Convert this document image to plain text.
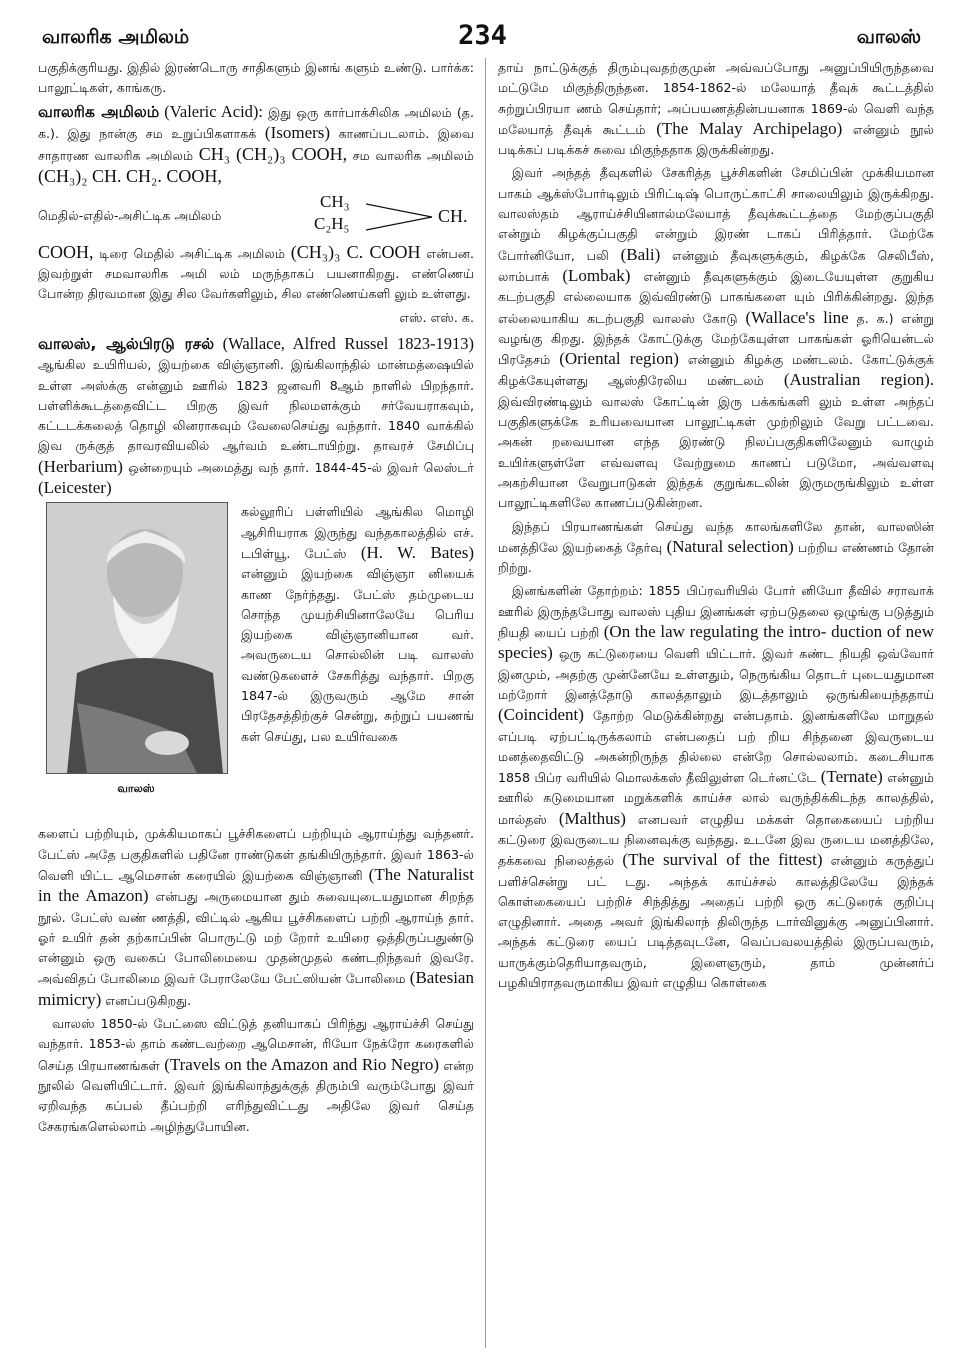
வாலரிக அமிலம்	234	வாலஸ்

பகுதிக்குரியது. இதில் இரண்டொரு சாதிகளும் இனங் களும் உண்டு. பார்க்க: பாலூட்டிகள், காங்கரு.

வாலரிக அமிலம் (Valeric Acid): இது ஒரு கார்பாக்சிலிக அமிலம் (த. க.). இது நான்கு சம உறுப்பிகளாகக் (Isomers) காணப்படலாம். இவை சாதாரண வாலரிக அமிலம் CH₃ (CH₂)₃ COOH, சம வாலரிக அமிலம் (CH₃)₂ CH. CH₂. COOH,

மெதில்-எதில்-அசிட்டிக அமிலம்
CH₃
C₂H₅	CH.

COOH, டிரை மெதில் அசிட்டிக அமிலம் (CH₃)₃ C. COOH என்பன. இவற்றுள் சமவாலரிக அமி லம் மருந்தாகப் பயனாகிறது. எண்ணெய் போன்ற திரவமான இது சில வேர்களிலும், சில எண்ணெய்களி லும் உள்ளது.

எஸ். எஸ். க.

வாலஸ், ஆல்பிரடு ரசல் (Wallace, Alfred Russel 1823-1913) ஆங்கில உயிரியல், இயற்கை விஞ்ஞானி. இங்கிலாந்தில் மான்மத்ஷையில் உள்ள அஸ்க்கு என்னும் ஊரில் 1823 ஜனவரி 8ஆம் நாளில் பிறந்தார். பள்ளிக்கூடத்தைவிட்ட பிறகு இவர் நிலமளக்கும் சர்வேயராகவும், கட்டடக்கலைத் தொழி லினராகவும் வேலைசெய்து வந்தார். 1840 வாக்கில் இவ ருக்குத் தாவரவியலில் ஆர்வம் உண்டாயிற்று. தாவரச் சேமிப்பு (Herbarium) ஒன்றையும் அமைத்து வந் தார். 1844-45-ல் இவர் லெஸ்டர் (Leicester)

வாலஸ்

கல்லூரிப் பள்ளியில் ஆங்கில மொழி ஆசிரியராக இருந்து வந்தகாலத்தில் எச். டபிள்யூ. பேட்ஸ் (H. W. Bates) என்னும் இயற்கை விஞ்ஞா னியைக் காண நேர்ந்தது. பேட்ஸ் தம்முடைய சொந்த முயற்சியினாலேயே பெரிய இயற்கை விஞ்ஞானியான வர். அவருடைய சொல்லின் படி வாலஸ் வண்டுகளைச் சேகரித்து வந்தார். பிறகு 1847-ல் இருவரும் ஆமே சான் பிரதேசத்திற்குச் சென்று, சுற்றுப் பயணங் கள் செய்து, பல உயிர்வகை

களைப் பற்றியும், முக்கியமாகப் பூச்சிகளைப் பற்றியும் ஆராய்ந்து வந்தனர். பேட்ஸ் அதே பகுதிகளில் பதினே ராண்டுகள் தங்கியிருந்தார். இவர் 1863-ல் வெளி யிட்ட ஆமெசான் கரையில் இயற்கை விஞ்ஞானி (The Naturalist in the Amazon) என்பது அருமையான தும் சுவையுடையதுமான சிறந்த நூல். பேட்ஸ் வண் ணத்தி, விட்டில் ஆகிய பூச்சிகளைப் பற்றி ஆராய்ந் தார். ஓர் உயிர் தன் தற்காப்பின் பொருட்டு மற் றோர் உயிரை ஒத்திருப்பதுண்டு என்னும் ஒரு வகைப் போலிமையை முதன்முதல் கண்டறிந்தவர் இவரே. அவ்விதப் போலிமை இவர் பேராலேயே பேட்ஸியன் போலிமை (Batesian mimicry) எனப்படுகிறது.

வாலஸ் 1850-ல் பேட்ஸை விட்டுத் தனியாகப் பிரிந்து ஆராய்ச்சி செய்து வந்தார். 1853-ல் தாம் கண்டவற்றை ஆமெசான், ரியோ நேக்ரோ கரைகளில் செய்த பிரயாணங்கள் (Travels on the Amazon and Rio Negro) என்ற நூலில் வெளியிட்டார். இவர் இங்கிலாந்துக்குத் திரும்பி வரும்போது இவர் ஏறிவந்த கப்பல் தீப்பற்றி எரிந்துவிட்டது அதிலே இவர் செய்த சேகரங்களெல்லாம் அழிந்துபோயின.

தாய் நாட்டுக்குத் திரும்புவதற்குமுன் அவ்வப்போது அனுப்பியிருந்தவை மட்டுமே மிகுந்திருந்தன. 1854-1862-ல் மலேயாத் தீவுக் கூட்டத்தில் சுற்றுப்பிரயா ணம் செய்தார்; அப்பயணத்தின்பயனாக 1869-ல் வெளி வந்த மலேயாத் தீவுக் கூட்டம் (The Malay Archipelago) என்னும் நூல் படிக்கப் படிக்கச் சுவை மிகுந்ததாக இருக்கின்றது.

இவர் அந்தத் தீவுகளில் சேகரித்த பூச்சிகளின் சேமிப்பின் முக்கியமான பாகம் ஆக்ஸ்போர்டிலும் பிரிட்டிஷ் பொருட்காட்சி சாலையிலும் இருக்கிறது. வாலஸ்தம் ஆராய்ச்சியினால்மலேயாத் தீவுக்கூட்டத்தை மேற்குப்பகுதி என்றும் கிழக்குப்பகுதி என்றும் இரண் டாகப் பிரித்தார். மேற்கே போர்னியோ, பலி (Bali) என்னும் தீவுகளுக்கும், கிழக்கே செலிபீஸ், லாம்பாக் (Lombak) என்னும் தீவுகளுக்கும் இடையேயுள்ள குறுகிய கடற்பகுதி எல்லையாக இவ்விரண்டு பாகங்களை யும் பிரிக்கின்றது. இந்த எல்லையாகிய கடற்பகுதி வாலஸ் கோடு (Wallace's line த. க.) என்று வழங்கு கிறது. இந்தக் கோட்டுக்கு மேற்கேயுள்ள பாகங்கள் ஓரியென்டல் பிரதேசம் (Oriental region) என்னும் கிழக்கு மண்டலம். கோட்டுக்குக் கிழக்கேயுள்ளது ஆஸ்திரேலிய மண்டலம் (Australian region). இவ்விரண்டிலும் வாலஸ் கோட்டின் இரு பக்கங்களி லும் உள்ள அந்தப் பகுதிகளுக்கே உரியவையான பாலூட்டிகள் முற்றிலும் வேறு பட்டவை. அகன் றவையான எந்த இரண்டு நிலப்பகுதிகளிலேனும் வாழும் உயிர்களுள்ளே எவ்வளவு வேற்றுமை காணப் படுமோ, அவ்வளவு அகற்சியான வேறுபாடுகள் இந்தக் குறுங்கடலின் இருமருங்கிலும் உள்ள பாலூட்டிகளிலே காணப்படுகின்றன.

இந்தப் பிரயாணங்கள் செய்து வந்த காலங்களிலே தான், வாலஸின் மனத்திலே இயற்கைத் தேர்வு (Natural selection) பற்றிய எண்ணம் தோன் றிற்று.

இனங்களின் தோற்றம்: 1855 பிப்ரவரியில் போர் னியோ தீவில் சராவாக் ஊரில் இருந்தபோது வாலஸ் புதிய இனங்கள் ஏற்படுதலை ஒழுங்கு படுத்தும் நியதி யைப் பற்றி (On the law regulating the intro- duction of new species) ஒரு கட்டுரையை வெளி யிட்டார். இவர் கண்ட நியதி ஒவ்வோர் இனமும், அதற்கு முன்னேயே உள்ளதும், நெருங்கிய தொடர் புடையதுமான மற்றோர் இனத்தோடு காலத்தாலும் இடத்தாலும் ஒருங்கியைந்ததாய் (Coincident) தோற்ற மெடுக்கின்றது என்பதாம். இனங்களிலே மாறுதல் எப்படி ஏற்பட்டிருக்கலாம் என்பதைப் பற் றிய சிந்தனை இவருடைய மனத்தைவிட்டு அகன்றிருந்த தில்லை என்றே சொல்லலாம். கடைசியாக 1858 பிப்ர வரியில் மொலக்கஸ் தீவிலுள்ள டெர்னட்டே (Ternate) என்னும் ஊரில் கடுமையான மறுக்களிக் காய்ச்ச லால் வருந்திக்கிடந்த காலத்தில், மால்தஸ் (Malthus) எனபவர் எழுதிய மக்கள் தொகையைப் பற்றிய கட்டுரை இவருடைய நினைவுக்கு வந்தது. உடனே இவ ருடைய மனத்திலே, தக்கவை நிலைத்தல் (The survival of the fittest) என்னும் கருத்துப் பளிச்சென்று பட் டது. அந்தக் காய்ச்சல் காலத்திலேயே இந்தக் கொள்கையைப் பற்றிச் சிந்தித்து அதைப் பற்றி ஒரு கட்டுரைக் குறிப்பு எழுதினார். அதை அவர் இங்கிலாந் திலிருந்த டார்வினுக்கு அனுப்பினார். அந்தக் கட்டுரை யைப் படித்தவுடனே, வெப்பவலயத்தில் இருப்பவரும், யாருக்கும்தெரியாதவரும், இளைஞரும், தாம் முன்னர்ப் பழகியிராதவருமாகிய இவர் எழுதிய கொள்கை
